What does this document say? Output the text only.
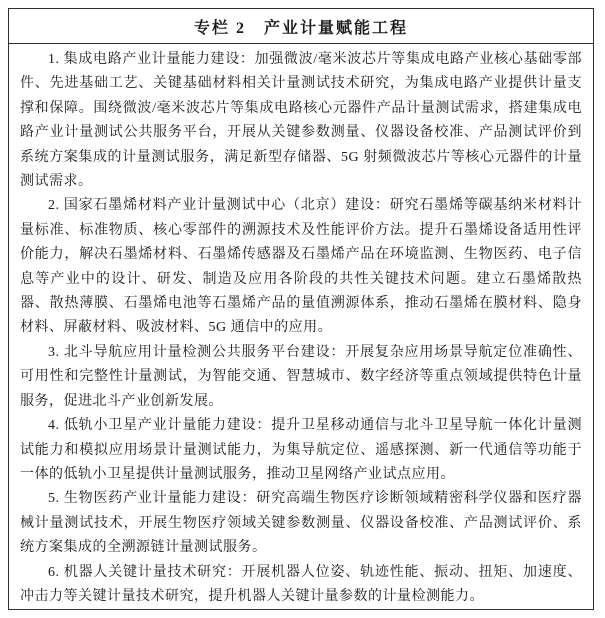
专栏 2　产业计量赋能工程

1. 集成电路产业计量能力建设：加强微波/毫米波芯片等集成电路产业核心基础零部件、先进基础工艺、关键基础材料相关计量测试技术研究，为集成电路产业提供计量支撑和保障。围绕微波/毫米波芯片等集成电路核心元器件产品计量测试需求，搭建集成电路产业计量测试公共服务平台，开展从关键参数测量、仪器设备校准、产品测试评价到系统方案集成的计量测试服务，满足新型存储器、5G 射频微波芯片等核心元器件的计量测试需求。

2. 国家石墨烯材料产业计量测试中心（北京）建设：研究石墨烯等碳基纳米材料计量标准、标准物质、核心零部件的溯源技术及性能评价方法。提升石墨烯设备适用性评价能力，解决石墨烯材料、石墨烯传感器及石墨烯产品在环境监测、生物医药、电子信息等产业中的设计、研发、制造及应用各阶段的共性关键技术问题。建立石墨烯散热器、散热薄膜、石墨烯电池等石墨烯产品的量值溯源体系，推动石墨烯在膜材料、隐身材料、屏蔽材料、吸波材料、5G 通信中的应用。

3. 北斗导航应用计量检测公共服务平台建设：开展复杂应用场景导航定位准确性、可用性和完整性计量测试，为智能交通、智慧城市、数字经济等重点领域提供特色计量服务，促进北斗产业创新发展。

4. 低轨小卫星产业计量能力建设：提升卫星移动通信与北斗卫星导航一体化计量测试能力和模拟应用场景计量测试能力，为集导航定位、遥感探测、新一代通信等功能于一体的低轨小卫星提供计量测试服务，推动卫星网络产业试点应用。

5. 生物医药产业计量能力建设：研究高端生物医疗诊断领域精密科学仪器和医疗器械计量测试技术，开展生物医疗领域关键参数测量、仪器设备校准、产品测试评价、系统方案集成的全溯源链计量测试服务。

6. 机器人关键计量技术研究：开展机器人位姿、轨迹性能、振动、扭矩、加速度、冲击力等关键计量技术研究，提升机器人关键计量参数的计量检测能力。
